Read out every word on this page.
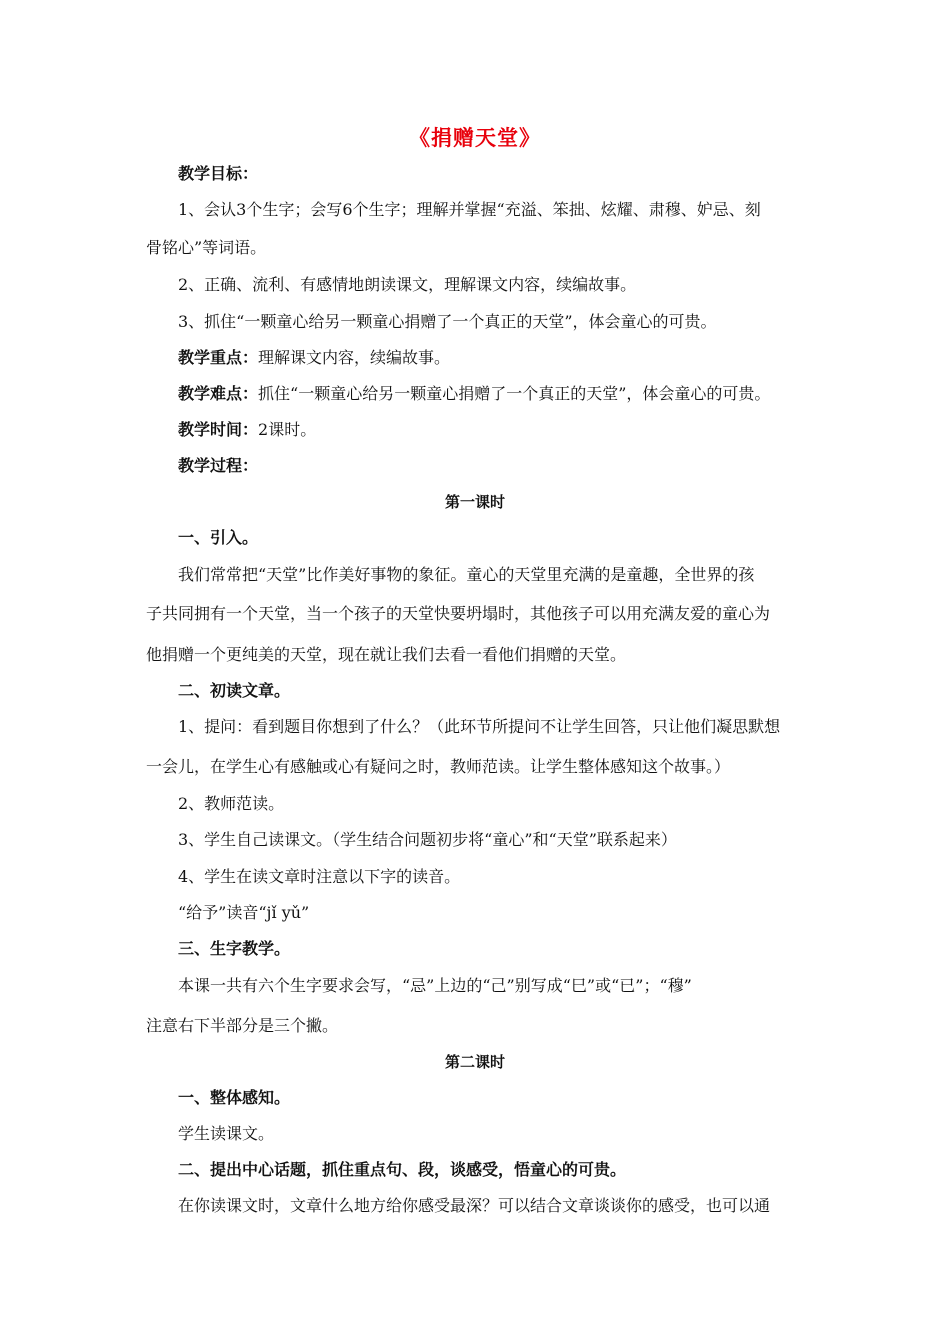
《捐赠天堂》
教学目标：
1、会认3个生字；会写6个生字；理解并掌握“充溢、笨拙、炫耀、肃穆、妒忌、刻
骨铭心”等词语。
2、正确、流利、有感情地朗读课文，理解课文内容，续编故事。
3、抓住“一颗童心给另一颗童心捐赠了一个真正的天堂”，体会童心的可贵。
教学重点：理解课文内容，续编故事。
教学难点：抓住“一颗童心给另一颗童心捐赠了一个真正的天堂”，体会童心的可贵。
教学时间：2课时。
教学过程：
第一课时
一、引入。
我们常常把“天堂”比作美好事物的象征。童心的天堂里充满的是童趣，全世界的孩
子共同拥有一个天堂，当一个孩子的天堂快要坍塌时，其他孩子可以用充满友爱的童心为
他捐赠一个更纯美的天堂，现在就让我们去看一看他们捐赠的天堂。
二、初读文章。
1、提问：看到题目你想到了什么？（此环节所提问不让学生回答，只让他们凝思默想
一会儿，在学生心有感触或心有疑问之时，教师范读。让学生整体感知这个故事。）
2、教师范读。
3、学生自己读课文。（学生结合问题初步将“童心”和“天堂”联系起来）
4、学生在读文章时注意以下字的读音。
“给予”读音“jǐ yǔ”
三、生字教学。
本课一共有六个生字要求会写，“忌”上边的“己”别写成“巳”或“已”；“穆”
注意右下半部分是三个撇。
第二课时
一、整体感知。
学生读课文。
二、提出中心话题，抓住重点句、段，谈感受，悟童心的可贵。
在你读课文时，文章什么地方给你感受最深？可以结合文章谈谈你的感受，也可以通
